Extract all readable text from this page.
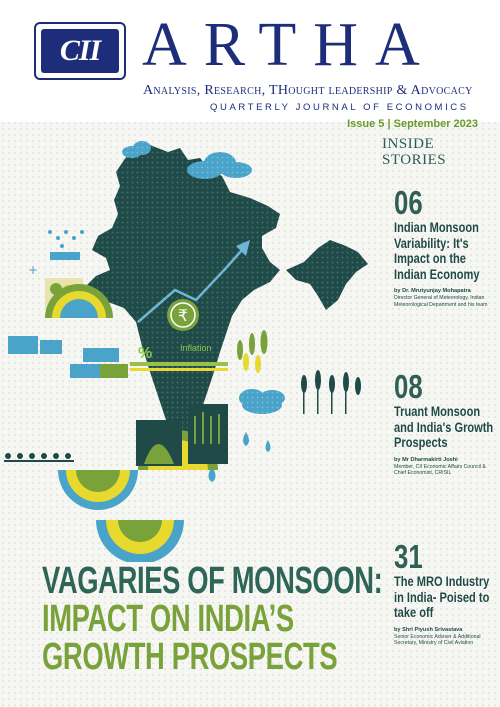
CII ARTHA
Analysis, Research, THought leadership & Advocacy
QUARTERLY JOURNAL OF ECONOMICS
Issue 5 | September 2023
₹
Inflation
%
+
INSIDE
STORIES
06
Indian Monsoon Variability: It's Impact on the Indian Economy
by Dr. Mrutyunjay Mohapatra
Director General of Meteorology, Indian Meteorological Department and his team
08
Truant Monsoon and India's Growth Prospects
by Mr Dharmakirti Joshi
Member, CII Economic Affairs Council & Chief Economist, CRISIL
31
The MRO Industry in India- Poised to take off
by Shri Piyush Srivastava
Senior Economic Adviser & Additional Secretary, Ministry of Civil Aviation
VAGARIES OF MONSOON:
IMPACT ON INDIA’S
GROWTH PROSPECTS
